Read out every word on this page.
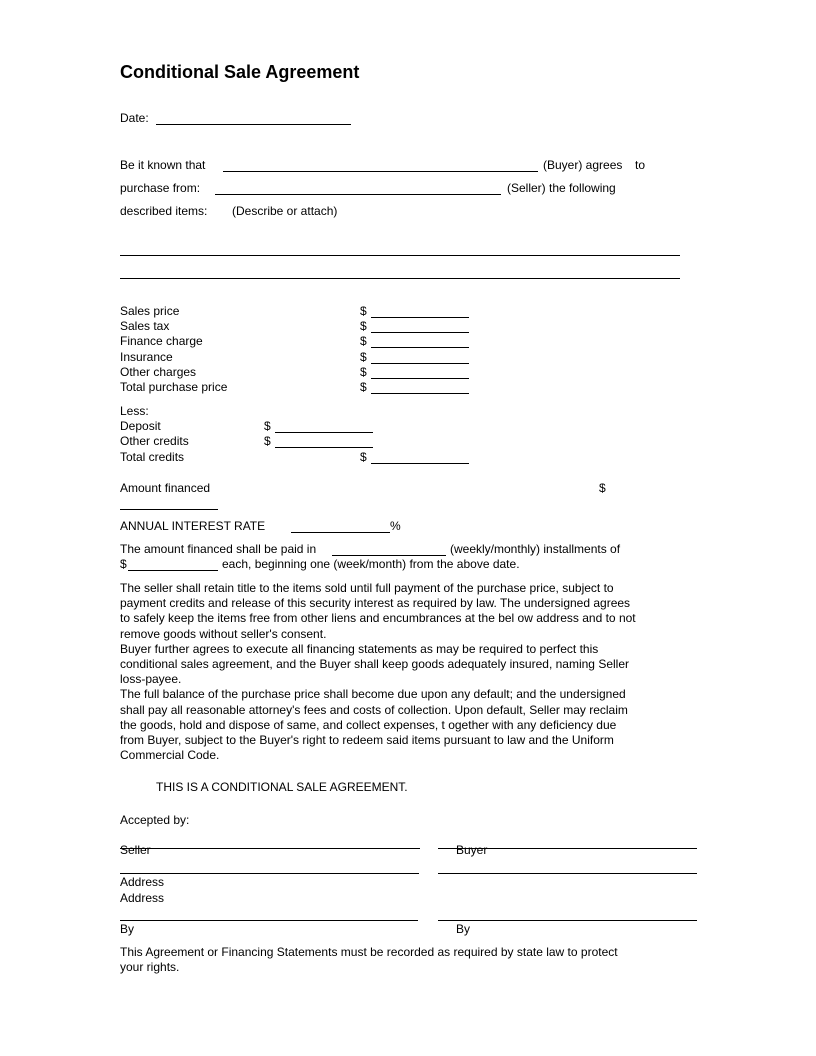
Conditional Sale Agreement
Date:
Be it known that	(Buyer) agrees to
purchase from:	(Seller) the following
described items: (Describe or attach)
Sales price	$
Sales tax	$
Finance charge	$
Insurance	$
Other charges	$
Total purchase price	$
Less:
Deposit	$
Other credits	$
Total credits	$
Amount financed	$
ANNUAL INTEREST RATE	%
The amount financed shall be paid in	(weekly/monthly) installments of
$	each, beginning one (week/month) from the above date.
The seller shall retain title to the items sold until full payment of the purchase price, subject to
payment credits and release of this security interest as required by law. The undersigned agrees
to safely keep the items free from other liens and encumbrances at the bel ow address and to not
remove goods without seller's consent.
Buyer further agrees to execute all financing statements as may be required to perfect this
conditional sales agreement, and the Buyer shall keep goods adequately insured, naming Seller
loss-payee.
The full balance of the purchase price shall become due upon any default; and the undersigned
shall pay all reasonable attorney's fees and costs of collection. Upon default, Seller may reclaim
the goods, hold and dispose of same, and collect expenses, t ogether with any deficiency due
from Buyer, subject to the Buyer's right to redeem said items pursuant to law and the Uniform
Commercial Code.
THIS IS A CONDITIONAL SALE AGREEMENT.
Accepted by:
Seller	Buyer
Address
Address
By	By
This Agreement or Financing Statements must be recorded as required by state law to protect
your rights.
